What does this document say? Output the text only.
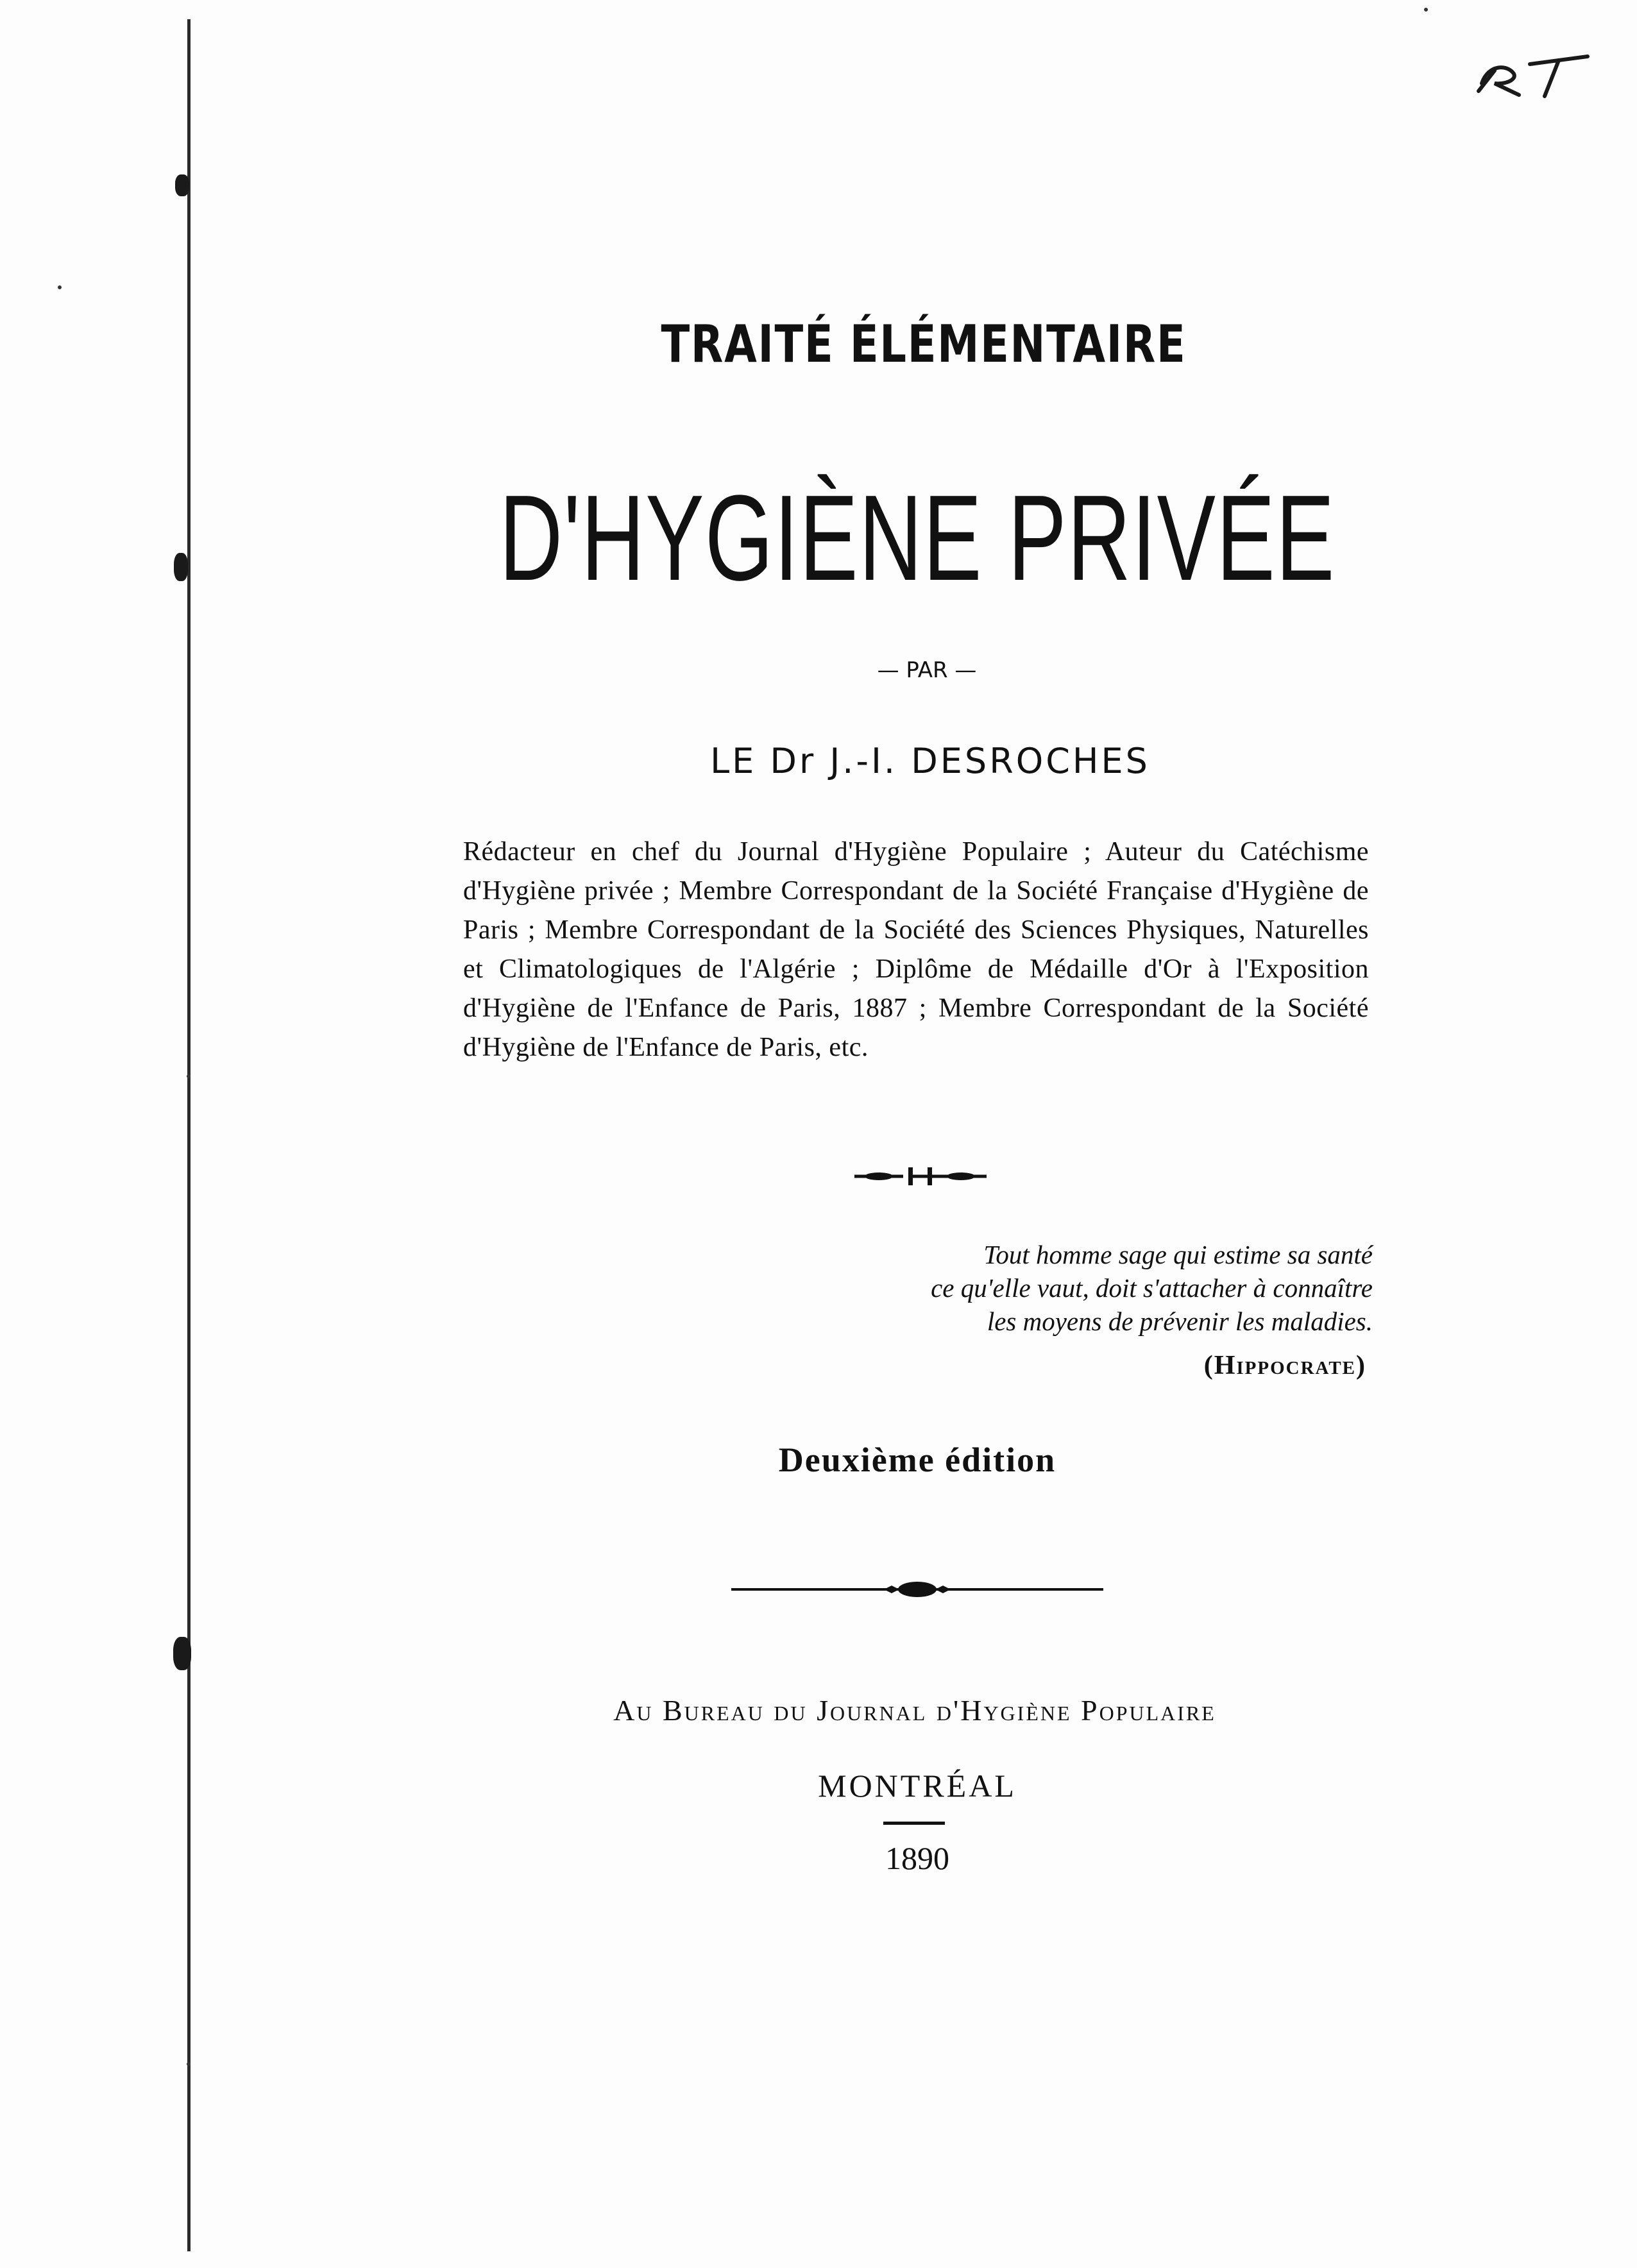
TRAITÉ ÉLÉMENTAIRE
D'HYGIÈNE PRIVÉE
— PAR —
LE Dr J.-I. DESROCHES
Rédacteur en chef du Journal d'Hygiène Populaire ; Auteur du Catéchisme d'Hygiène privée ; Membre Correspondant de la Société Française d'Hygiène de Paris ; Membre Correspondant de la Société des Sciences Physiques, Naturelles et Climatologiques de l'Algérie ; Diplôme de Médaille d'Or à l'Exposition d'Hygiène de l'Enfance de Paris, 1887 ; Membre Correspondant de la Société d'Hygiène de l'Enfance de Paris, etc.
Tout homme sage qui estime sa santé
ce qu'elle vaut, doit s'attacher à connaître
les moyens de prévenir les maladies.
(Hippocrate)
Deuxième édition
Au Bureau du Journal d'Hygiène Populaire
MONTRÉAL
1890
